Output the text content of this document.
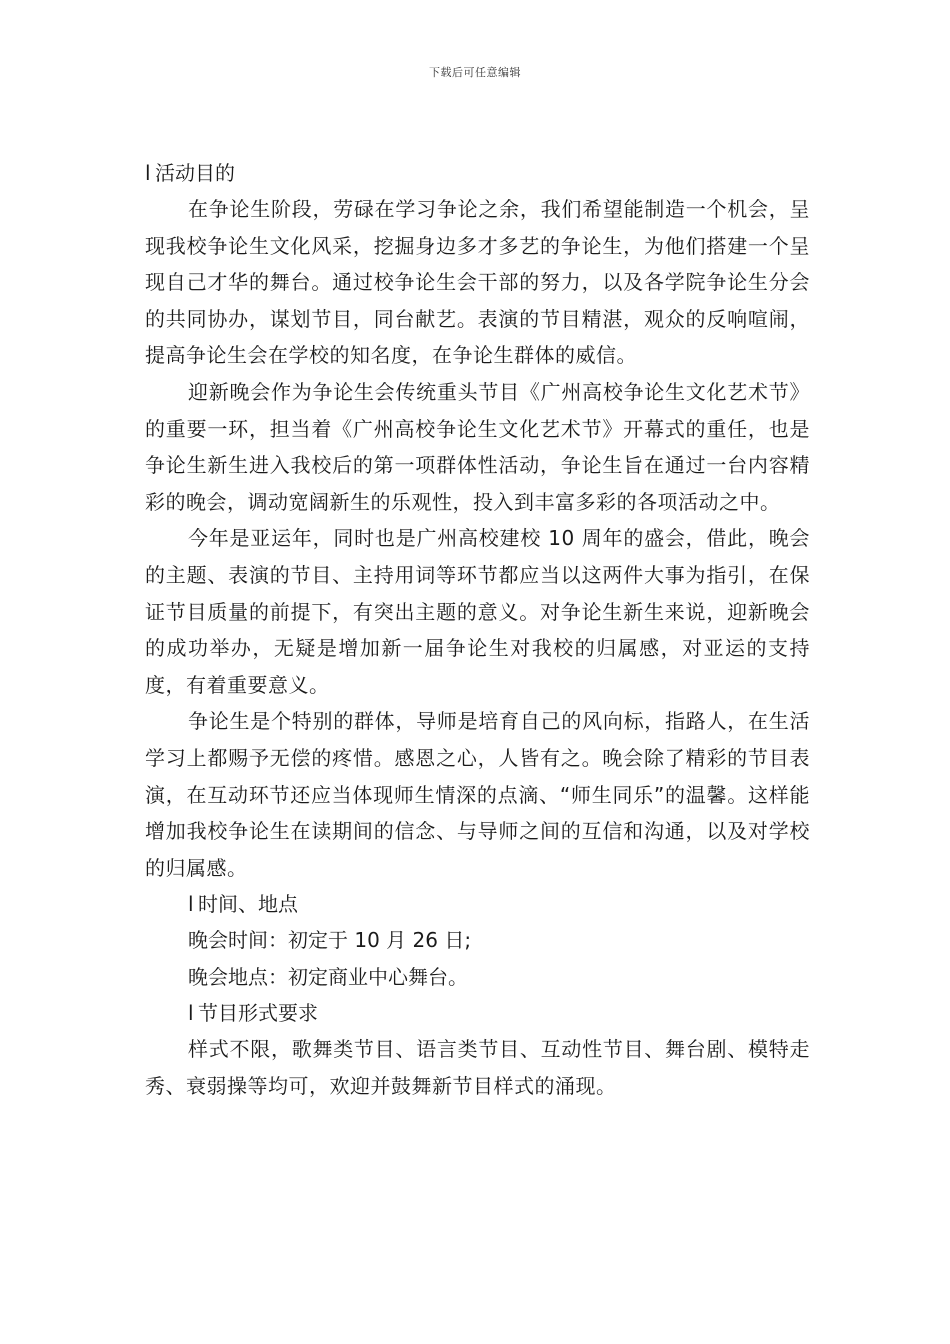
下载后可任意编辑
l 活动目的

在争论生阶段，劳碌在学习争论之余，我们希望能制造一个机会，呈现我校争论生文化风采，挖掘身边多才多艺的争论生，为他们搭建一个呈现自己才华的舞台。通过校争论生会干部的努力，以及各学院争论生分会的共同协办，谋划节目，同台献艺。表演的节目精湛，观众的反响喧闹，提高争论生会在学校的知名度，在争论生群体的威信。

迎新晚会作为争论生会传统重头节目《广州高校争论生文化艺术节》的重要一环，担当着《广州高校争论生文化艺术节》开幕式的重任，也是争论生新生进入我校后的第一项群体性活动，争论生旨在通过一台内容精彩的晚会，调动宽阔新生的乐观性，投入到丰富多彩的各项活动之中。

今年是亚运年，同时也是广州高校建校 10 周年的盛会，借此，晚会的主题、表演的节目、主持用词等环节都应当以这两件大事为指引，在保证节目质量的前提下，有突出主题的意义。对争论生新生来说，迎新晚会的成功举办，无疑是增加新一届争论生对我校的归属感，对亚运的支持度，有着重要意义。

争论生是个特别的群体，导师是培育自己的风向标，指路人，在生活学习上都赐予无偿的疼惜。感恩之心，人皆有之。晚会除了精彩的节目表演，在互动环节还应当体现师生情深的点滴、“师生同乐”的温馨。这样能增加我校争论生在读期间的信念、与导师之间的互信和沟通，以及对学校的归属感。

l 时间、地点

晚会时间：初定于 10 月 26 日;

晚会地点：初定商业中心舞台。

l 节目形式要求

样式不限，歌舞类节目、语言类节目、互动性节目、舞台剧、模特走秀、衰弱操等均可，欢迎并鼓舞新节目样式的涌现。
